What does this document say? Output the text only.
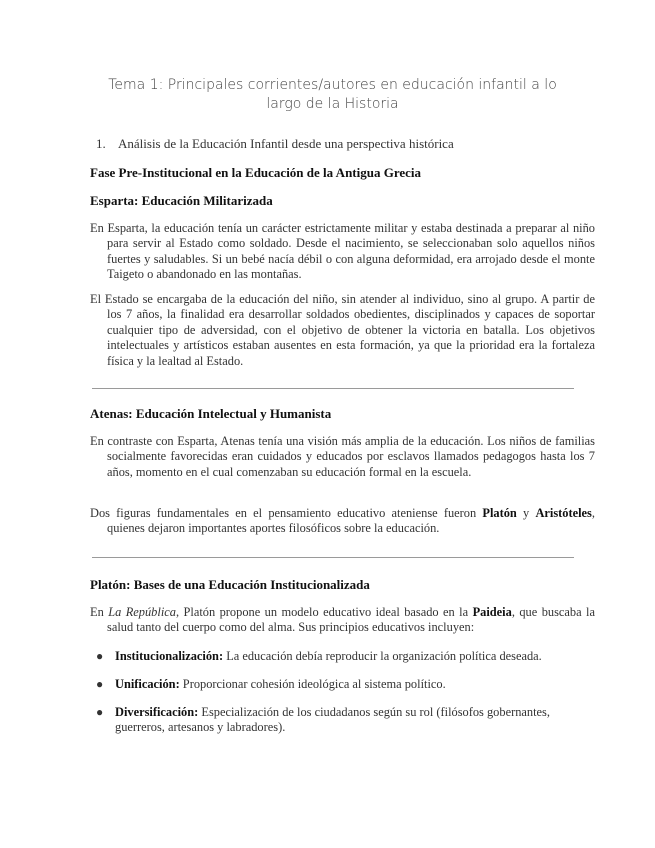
Tema 1: Principales corrientes/autores en educación infantil a lo
largo de la Historia
1. Análisis de la Educación Infantil desde una perspectiva histórica
Fase Pre-Institucional en la Educación de la Antigua Grecia
Esparta: Educación Militarizada
En Esparta, la educación tenía un carácter estrictamente militar y estaba destinada a preparar al niño para servir al Estado como soldado. Desde el nacimiento, se seleccionaban solo aquellos niños fuertes y saludables. Si un bebé nacía débil o con alguna deformidad, era arrojado desde el monte Taigeto o abandonado en las montañas.
El Estado se encargaba de la educación del niño, sin atender al individuo, sino al grupo. A partir de los 7 años, la finalidad era desarrollar soldados obedientes, disciplinados y capaces de soportar cualquier tipo de adversidad, con el objetivo de obtener la victoria en batalla. Los objetivos intelectuales y artísticos estaban ausentes en esta formación, ya que la prioridad era la fortaleza física y la lealtad al Estado.
Atenas: Educación Intelectual y Humanista
En contraste con Esparta, Atenas tenía una visión más amplia de la educación. Los niños de familias socialmente favorecidas eran cuidados y educados por esclavos llamados pedagogos hasta los 7 años, momento en el cual comenzaban su educación formal en la escuela.
Dos figuras fundamentales en el pensamiento educativo ateniense fueron Platón y Aristóteles, quienes dejaron importantes aportes filosóficos sobre la educación.
Platón: Bases de una Educación Institucionalizada
En La República, Platón propone un modelo educativo ideal basado en la Paideia, que buscaba la salud tanto del cuerpo como del alma. Sus principios educativos incluyen:
● Institucionalización: La educación debía reproducir la organización política deseada.
● Unificación: Proporcionar cohesión ideológica al sistema político.
● Diversificación: Especialización de los ciudadanos según su rol (filósofos gobernantes, guerreros, artesanos y labradores).
